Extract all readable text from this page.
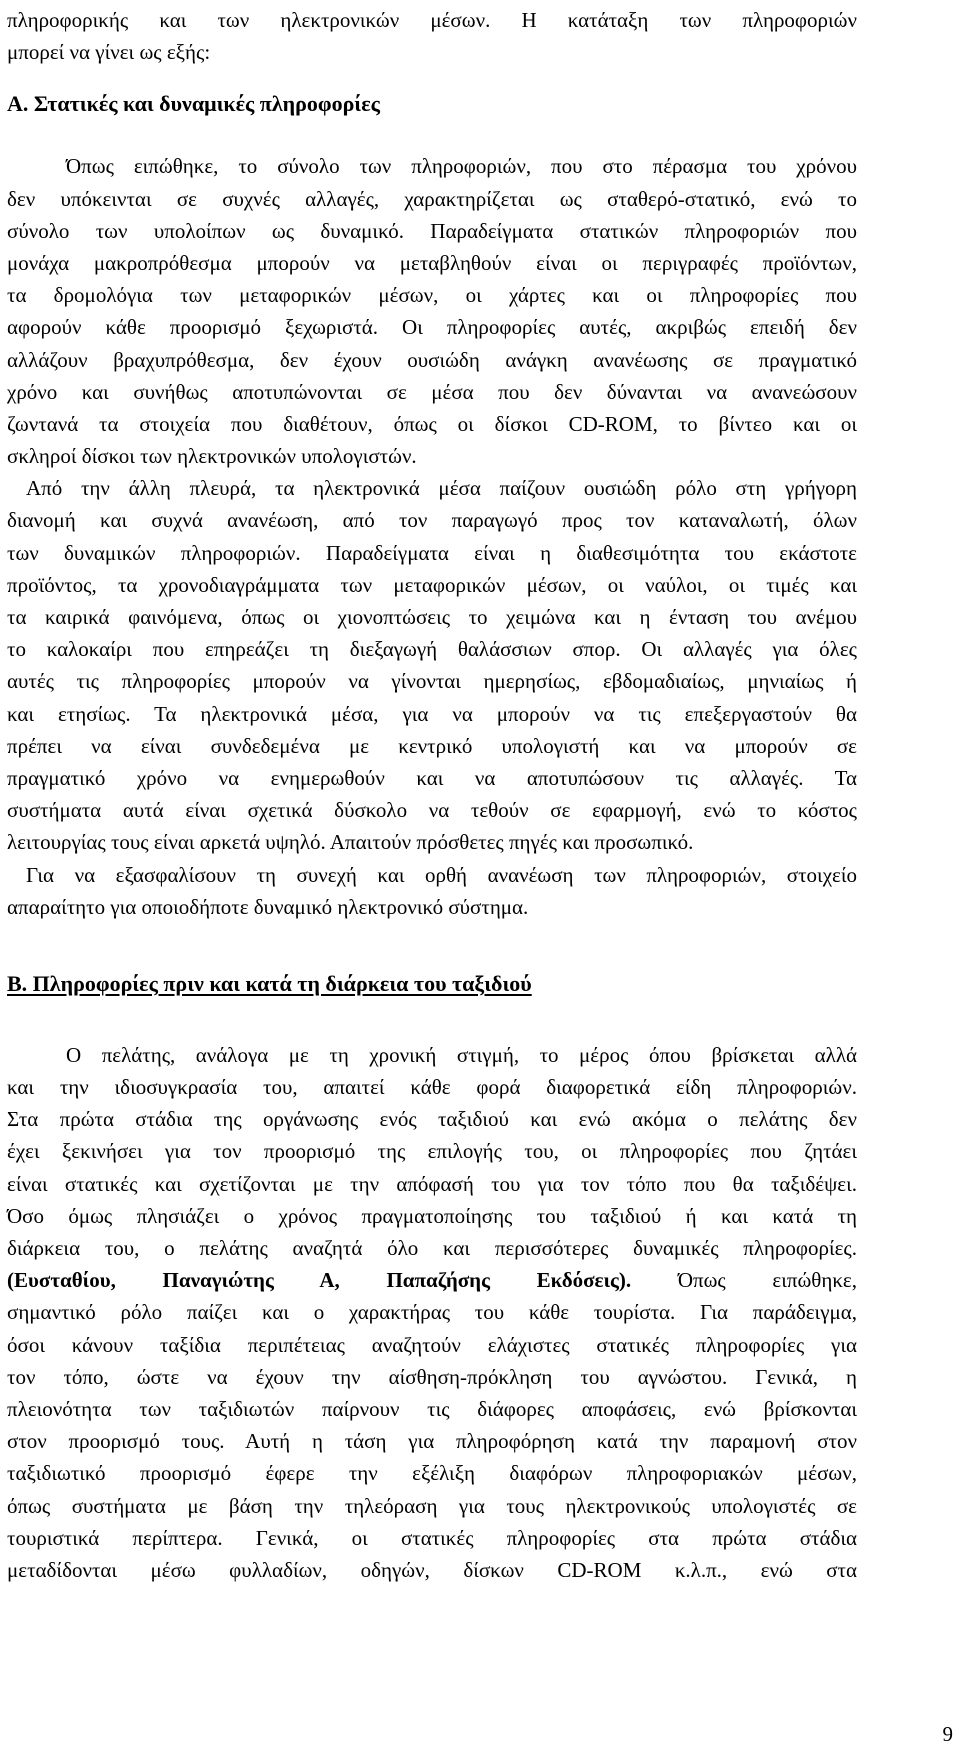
πληροφορικής και των ηλεκτρονικών μέσων. Η κατάταξη των πληροφοριών
μπορεί να γίνει ως εξής:
A. Στατικές και δυναμικές πληροφορίες
Όπως ειπώθηκε, το σύνολο των πληροφοριών, που στο πέρασμα του χρόνου
δεν υπόκεινται σε συχνές αλλαγές, χαρακτηρίζεται ως σταθερό-στατικό, ενώ το
σύνολο των υπολοίπων ως δυναμικό. Παραδείγματα στατικών πληροφοριών που
μονάχα μακροπρόθεσμα μπορούν να μεταβληθούν είναι οι περιγραφές προϊόντων,
τα δρομολόγια των μεταφορικών μέσων, οι χάρτες και οι πληροφορίες που
αφορούν κάθε προορισμό ξεχωριστά. Οι πληροφορίες αυτές, ακριβώς επειδή δεν
αλλάζουν βραχυπρόθεσμα, δεν έχουν ουσιώδη ανάγκη ανανέωσης σε πραγματικό
χρόνο και συνήθως αποτυπώνονται σε μέσα που δεν δύνανται να ανανεώσουν
ζωντανά τα στοιχεία που διαθέτουν, όπως οι δίσκοι CD-ROM, το βίντεο και οι
σκληροί δίσκοι των ηλεκτρονικών υπολογιστών.
Από την άλλη πλευρά, τα ηλεκτρονικά μέσα παίζουν ουσιώδη ρόλο στη γρήγορη
διανομή και συχνά ανανέωση, από τον παραγωγό προς τον καταναλωτή, όλων
των δυναμικών πληροφοριών. Παραδείγματα είναι η διαθεσιμότητα του εκάστοτε
προϊόντος, τα χρονοδιαγράμματα των μεταφορικών μέσων, οι ναύλοι, οι τιμές και
τα καιρικά φαινόμενα, όπως οι χιονοπτώσεις το χειμώνα και η ένταση του ανέμου
το καλοκαίρι που επηρεάζει τη διεξαγωγή θαλάσσιων σπορ. Οι αλλαγές για όλες
αυτές τις πληροφορίες μπορούν να γίνονται ημερησίως, εβδομαδιαίως, μηνιαίως ή
και ετησίως. Τα ηλεκτρονικά μέσα, για να μπορούν να τις επεξεργαστούν θα
πρέπει να είναι συνδεδεμένα με κεντρικό υπολογιστή και να μπορούν σε
πραγματικό χρόνο να ενημερωθούν και να αποτυπώσουν τις αλλαγές. Τα
συστήματα αυτά είναι σχετικά δύσκολο να τεθούν σε εφαρμογή, ενώ το κόστος
λειτουργίας τους είναι αρκετά υψηλό. Απαιτούν πρόσθετες πηγές και προσωπικό.
Για να εξασφαλίσουν τη συνεχή και ορθή ανανέωση των πληροφοριών, στοιχείο
απαραίτητο για οποιοδήποτε δυναμικό ηλεκτρονικό σύστημα.
B. Πληροφορίες πριν και κατά τη διάρκεια του ταξιδιού
Ο πελάτης, ανάλογα με τη χρονική στιγμή, το μέρος όπου βρίσκεται αλλά
και την ιδιοσυγκρασία του, απαιτεί κάθε φορά διαφορετικά είδη πληροφοριών.
Στα πρώτα στάδια της οργάνωσης ενός ταξιδιού και ενώ ακόμα ο πελάτης δεν
έχει ξεκινήσει για τον προορισμό της επιλογής του, οι πληροφορίες που ζητάει
είναι στατικές και σχετίζονται με την απόφασή του για τον τόπο που θα ταξιδέψει.
Όσο όμως πλησιάζει ο χρόνος πραγματοποίησης του ταξιδιού ή και κατά τη
διάρκεια του, ο πελάτης αναζητά όλο και περισσότερες δυναμικές πληροφορίες.
(Ευσταθίου, Παναγιώτης Α, Παπαζήσης Εκδόσεις). Όπως ειπώθηκε,
σημαντικό ρόλο παίζει και ο χαρακτήρας του κάθε τουρίστα. Για παράδειγμα,
όσοι κάνουν ταξίδια περιπέτειας αναζητούν ελάχιστες στατικές πληροφορίες για
τον τόπο, ώστε να έχουν την αίσθηση-πρόκληση του αγνώστου. Γενικά, η
πλειονότητα των ταξιδιωτών παίρνουν τις διάφορες αποφάσεις, ενώ βρίσκονται
στον προορισμό τους. Αυτή η τάση για πληροφόρηση κατά την παραμονή στον
ταξιδιωτικό προορισμό έφερε την εξέλιξη διαφόρων πληροφοριακών μέσων,
όπως συστήματα με βάση την τηλεόραση για τους ηλεκτρονικούς υπολογιστές σε
τουριστικά περίπτερα. Γενικά, οι στατικές πληροφορίες στα πρώτα στάδια
μεταδίδονται μέσω φυλλαδίων, οδηγών, δίσκων CD-ROM κ.λ.π., ενώ στα
9
